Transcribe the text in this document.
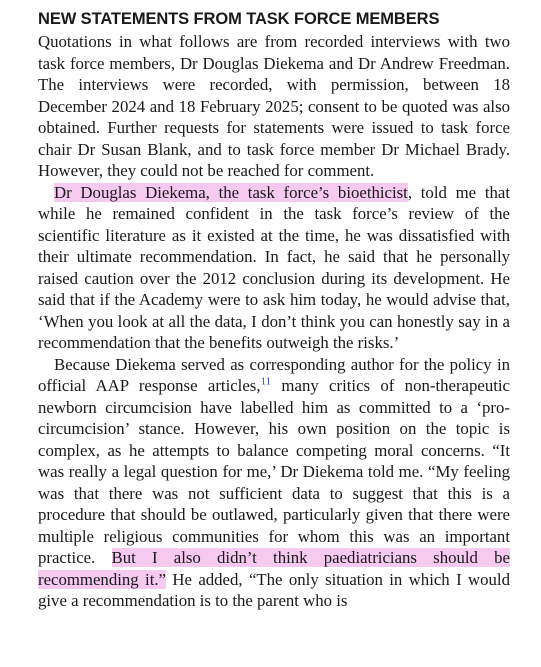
NEW STATEMENTS FROM TASK FORCE MEMBERS

Quotations in what follows are from recorded interviews with two task force members, Dr Douglas Diekema and Dr Andrew Freedman. The interviews were recorded, with permission, between 18 December 2024 and 18 February 2025; consent to be quoted was also obtained. Further requests for statements were issued to task force chair Dr Susan Blank, and to task force member Dr Michael Brady. However, they could not be reached for comment.

Dr Douglas Diekema, the task force’s bioethicist, told me that while he remained confident in the task force’s review of the scientific literature as it existed at the time, he was dissatisfied with their ultimate recommendation. In fact, he said that he personally raised caution over the 2012 conclusion during its development. He said that if the Academy were to ask him today, he would advise that, ‘When you look at all the data, I don’t think you can honestly say in a recommendation that the benefits outweigh the risks.’

Because Diekema served as corresponding author for the policy in official AAP response articles,$^{11}$ many critics of non-therapeutic newborn circumcision have labelled him as committed to a ‘pro-circumcision’ stance. However, his own position on the topic is complex, as he attempts to balance competing moral concerns. “It was really a legal question for me,’ Dr Diekema told me. “My feeling was that there was not sufficient data to suggest that this is a procedure that should be outlawed, particularly given that there were multiple religious communities for whom this was an important practice. But I also didn’t think paediatricians should be recommending it.” He added, “The only situation in which I would give a recommendation is to the parent who is
